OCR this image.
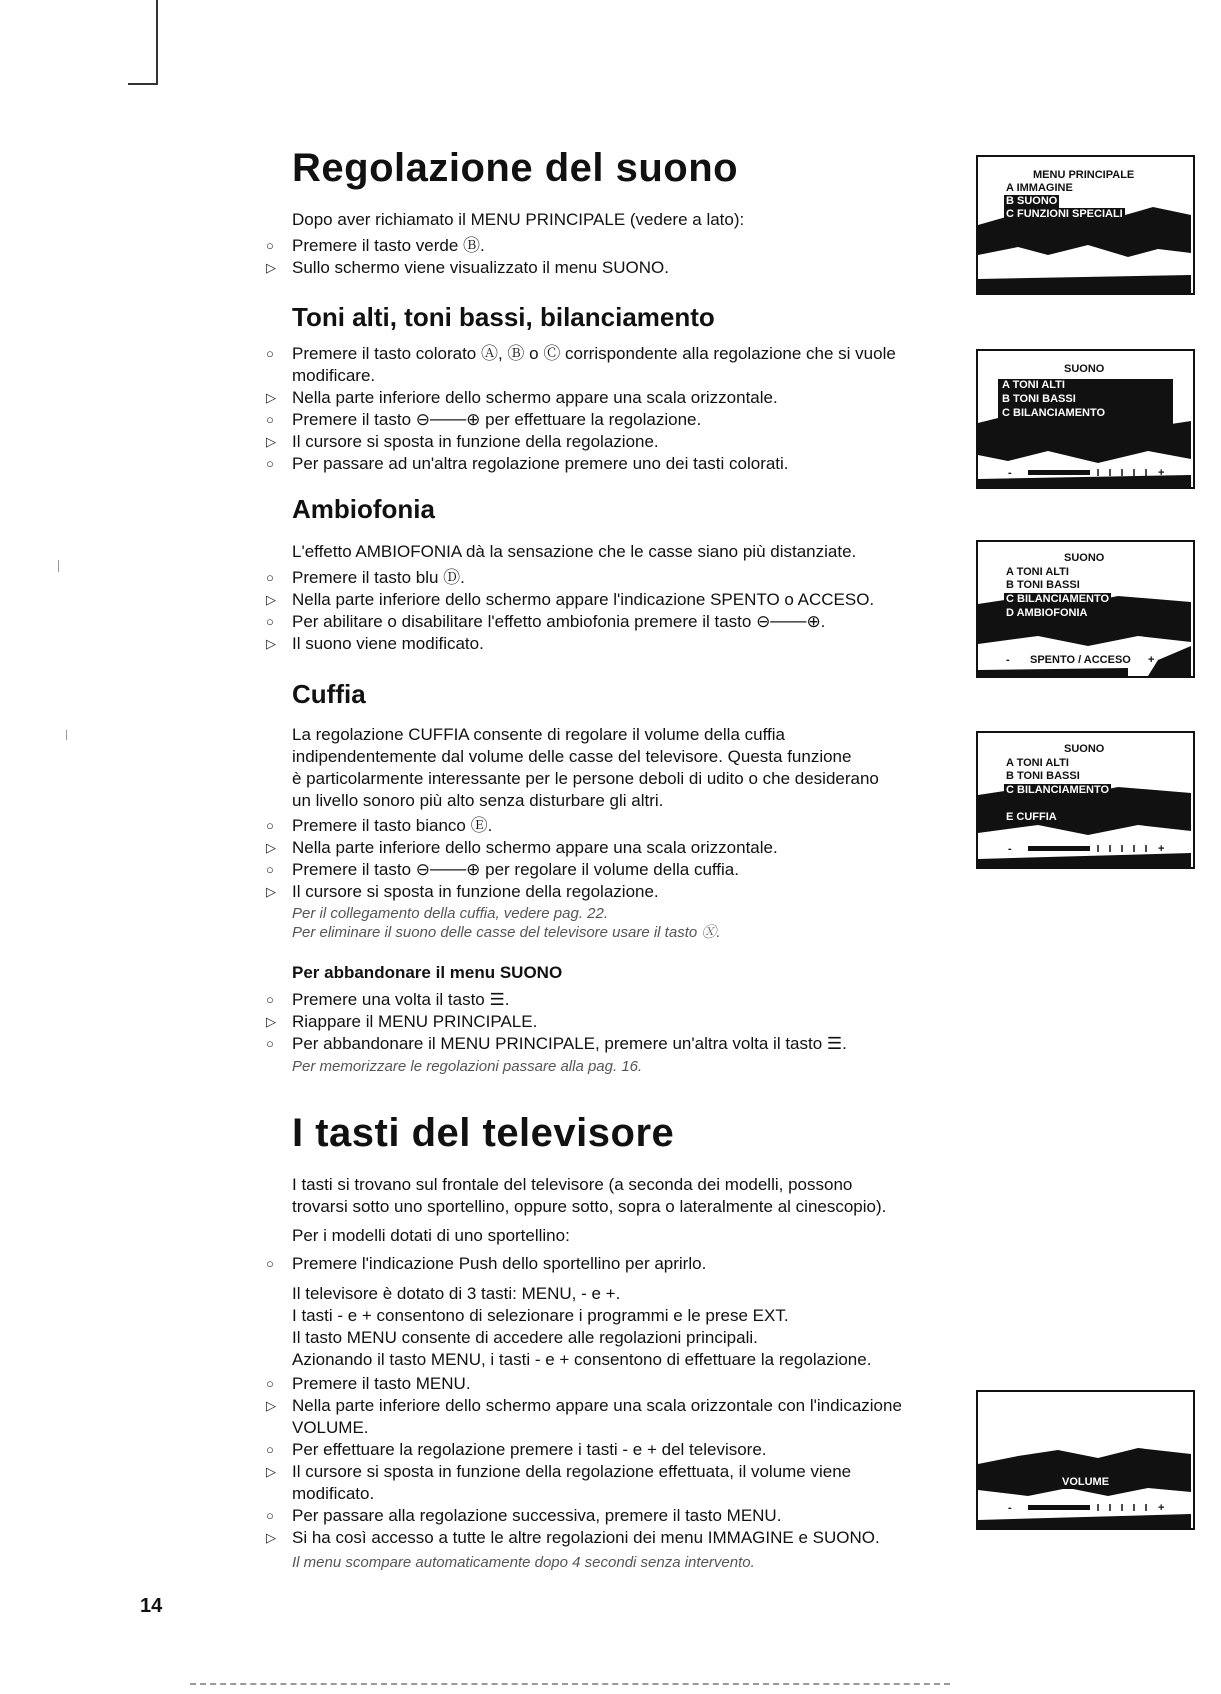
Regolazione del suono
Dopo aver richiamato il MENU PRINCIPALE (vedere a lato):
○	Premere il tasto verde Ⓑ.
▷ Sullo schermo viene visualizzato il menu SUONO.
Toni alti, toni bassi, bilanciamento
○	Premere il tasto colorato Ⓐ, Ⓑ o Ⓒ corrispondente alla regolazione che si vuole
modificare.
▷ Nella parte inferiore dello schermo appare una scala orizzontale.
○	Premere il tasto ⊖───⊕ per effettuare la regolazione.
▷ Il cursore si sposta in funzione della regolazione.
○	Per passare ad un'altra regolazione premere uno dei tasti colorati.
Ambiofonia
L'effetto AMBIOFONIA dà la sensazione che le casse siano più distanziate.
○	Premere il tasto blu Ⓓ.
▷ Nella parte inferiore dello schermo appare l'indicazione SPENTO o ACCESO.
○	Per abilitare o disabilitare l'effetto ambiofonia premere il tasto ⊖───⊕.
▷ Il suono viene modificato.
Cuffia
La regolazione CUFFIA consente di regolare il volume della cuffia
indipendentemente dal volume delle casse del televisore. Questa funzione
è particolarmente interessante per le persone deboli di udito o che desiderano
un livello sonoro più alto senza disturbare gli altri.
○	Premere il tasto bianco Ⓔ.
▷ Nella parte inferiore dello schermo appare una scala orizzontale.
○	Premere il tasto ⊖───⊕ per regolare il volume della cuffia.
▷ Il cursore si sposta in funzione della regolazione.
Per il collegamento della cuffia, vedere pag. 22.
Per eliminare il suono delle casse del televisore usare il tasto Ⓧ.
Per abbandonare il menu SUONO
○	Premere una volta il tasto ☰.
▷ Riappare il MENU PRINCIPALE.
○	Per abbandonare il MENU PRINCIPALE, premere un'altra volta il tasto ☰.
Per memorizzare le regolazioni passare alla pag. 16.
I tasti del televisore
I tasti si trovano sul frontale del televisore (a seconda dei modelli, possono
trovarsi sotto uno sportellino, oppure sotto, sopra o lateralmente al cinescopio).
Per i modelli dotati di uno sportellino:
○	Premere l'indicazione Push dello sportellino per aprirlo.
Il televisore è dotato di 3 tasti: MENU, - e +.
I tasti - e + consentono di selezionare i programmi e le prese EXT.
Il tasto MENU consente di accedere alle regolazioni principali.
Azionando il tasto MENU, i tasti - e + consentono di effettuare la regolazione.
○	Premere il tasto MENU.
▷ Nella parte inferiore dello schermo appare una scala orizzontale con l'indicazione
VOLUME.
○	Per effettuare la regolazione premere i tasti - e + del televisore.
▷ Il cursore si sposta in funzione della regolazione effettuata, il volume viene
modificato.
○	Per passare alla regolazione successiva, premere il tasto MENU.
▷ Si ha così accesso a tutte le altre regolazioni dei menu IMMAGINE e SUONO.
Il menu scompare automaticamente dopo 4 secondi senza intervento.
14
MENU PRINCIPALE
A IMMAGINE
B SUONO
C FUNZIONI SPECIALI
SUONO
A TONI ALTI
B TONI BASSI
C BILANCIAMENTO
-	+
SUONO
A TONI ALTI
B TONI BASSI
C BILANCIAMENTO
D AMBIOFONIA
- SPENTO / ACCESO +
SUONO
A TONI ALTI
B TONI BASSI
C BILANCIAMENTO
E CUFFIA
-	+
VOLUME
-	+
